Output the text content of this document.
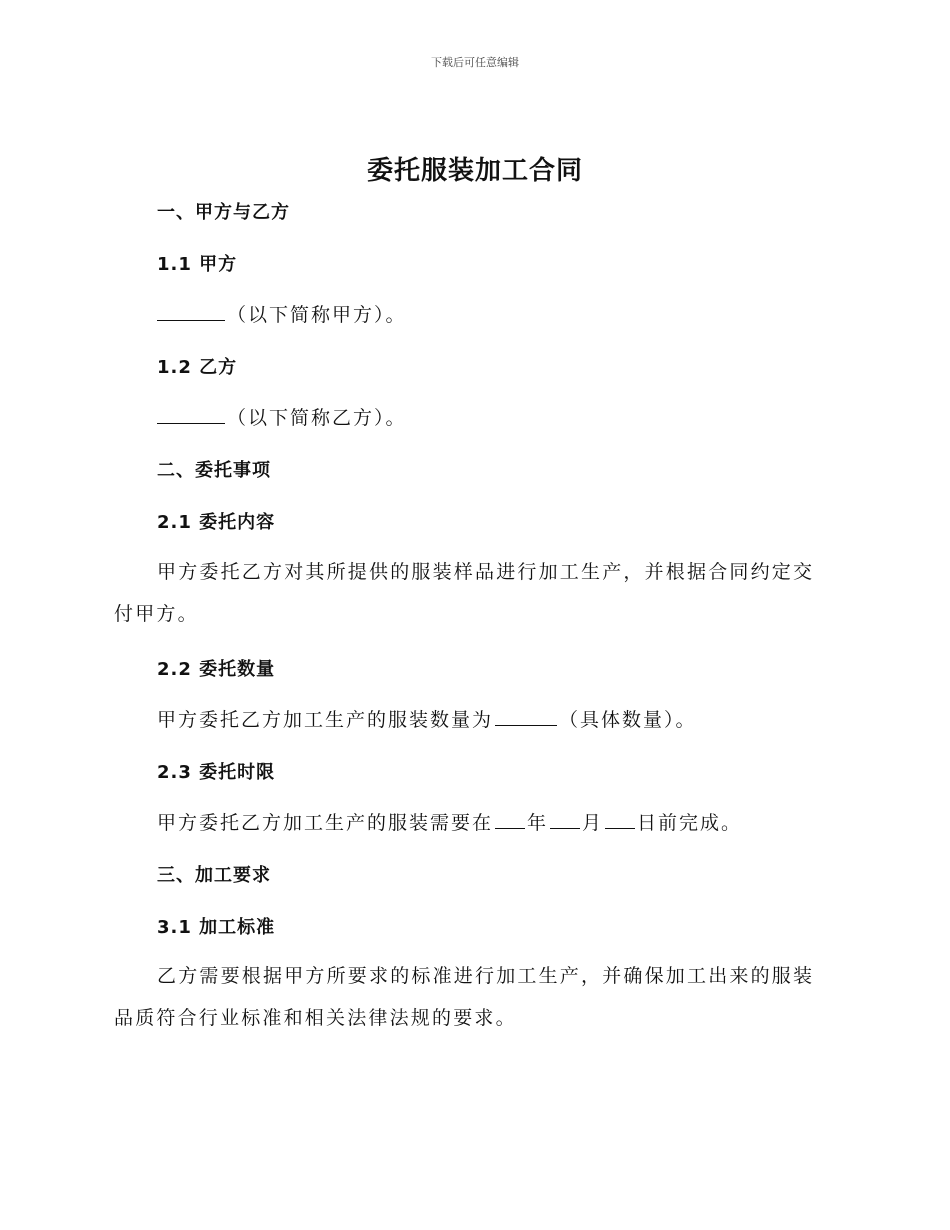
下载后可任意编辑
委托服装加工合同
一、甲方与乙方
1.1 甲方
（以下简称甲方）。
1.2 乙方
（以下简称乙方）。
二、委托事项
2.1 委托内容
甲方委托乙方对其所提供的服装样品进行加工生产，并根据合同约定交付甲方。
2.2 委托数量
甲方委托乙方加工生产的服装数量为	（具体数量）。
2.3 委托时限
甲方委托乙方加工生产的服装需要在 年 月 日前完成。
三、加工要求
3.1 加工标准
乙方需要根据甲方所要求的标准进行加工生产，并确保加工出来的服装品质符合行业标准和相关法律法规的要求。
